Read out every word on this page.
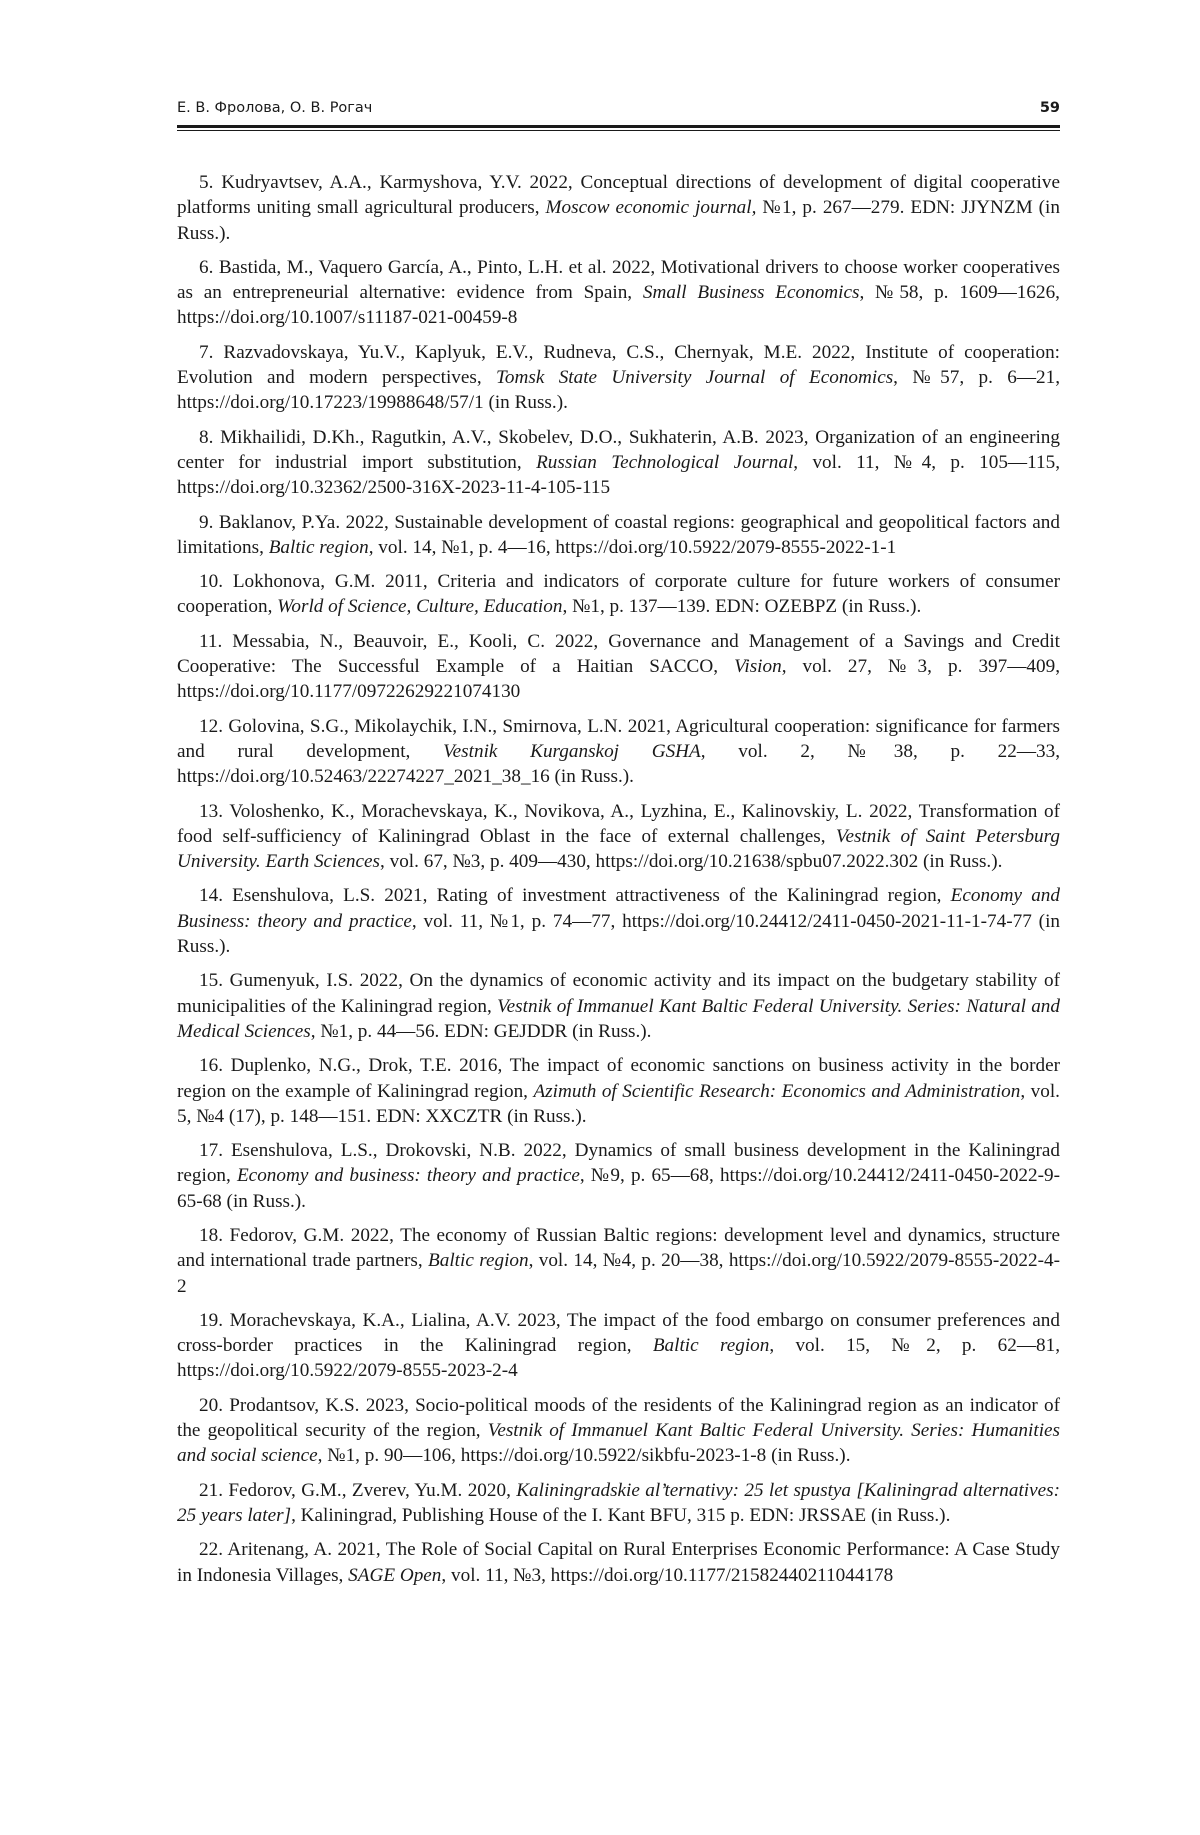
Е. В. Фролова, О. В. Рогач	59

5. Kudryavtsev, A.A., Karmyshova, Y.V. 2022, Conceptual directions of development of digital cooperative platforms uniting small agricultural producers, Moscow economic journal, №1, p. 267—279. EDN: JJYNZM (in Russ.).

6. Bastida, M., Vaquero García, A., Pinto, L.H. et al. 2022, Motivational drivers to choose worker cooperatives as an entrepreneurial alternative: evidence from Spain, Small Business Economics, №58, p. 1609—1626, https://doi.org/10.1007/s11187-021-00459-8

7. Razvadovskaya, Yu.V., Kaplyuk, E.V., Rudneva, C.S., Chernyak, M.E. 2022, Institute of cooperation: Evolution and modern perspectives, Tomsk State University Journal of Economics, №57, p. 6—21, https://doi.org/10.17223/19988648/57/1 (in Russ.).

8. Mikhailidi, D.Kh., Ragutkin, A.V., Skobelev, D.O., Sukhaterin, A.B. 2023, Organization of an engineering center for industrial import substitution, Russian Technological Journal, vol. 11, №4, p. 105—115, https://doi.org/10.32362/2500-316X-2023-11-4-105-115

9. Baklanov, P.Ya. 2022, Sustainable development of coastal regions: geographical and geopolitical factors and limitations, Baltic region, vol. 14, №1, p. 4—16, https://doi.org/10.5922/2079-8555-2022-1-1

10. Lokhonova, G.M. 2011, Criteria and indicators of corporate culture for future workers of consumer cooperation, World of Science, Culture, Education, №1, p. 137—139. EDN: OZEBPZ (in Russ.).

11. Messabia, N., Beauvoir, E., Kooli, C. 2022, Governance and Management of a Savings and Credit Cooperative: The Successful Example of a Haitian SACCO, Vision, vol. 27, №3, p. 397—409, https://doi.org/10.1177/09722629221074130

12. Golovina, S.G., Mikolaychik, I.N., Smirnova, L.N. 2021, Agricultural cooperation: significance for farmers and rural development, Vestnik Kurganskoj GSHA, vol. 2, №38, p. 22—33, https://doi.org/10.52463/22274227_2021_38_16 (in Russ.).

13. Voloshenko, K., Morachevskaya, K., Novikova, A., Lyzhina, E., Kalinovskiy, L. 2022, Transformation of food self-sufficiency of Kaliningrad Oblast in the face of external challenges, Vestnik of Saint Petersburg University. Earth Sciences, vol. 67, №3, p. 409—430, https://doi.org/10.21638/spbu07.2022.302 (in Russ.).

14. Esenshulova, L.S. 2021, Rating of investment attractiveness of the Kaliningrad region, Economy and Business: theory and practice, vol. 11, №1, p. 74—77, https://doi.org/10.24412/2411-0450-2021-11-1-74-77 (in Russ.).

15. Gumenyuk, I.S. 2022, On the dynamics of economic activity and its impact on the budgetary stability of municipalities of the Kaliningrad region, Vestnik of Immanuel Kant Baltic Federal University. Series: Natural and Medical Sciences, №1, p. 44—56. EDN: GEJDDR (in Russ.).

16. Duplenko, N.G., Drok, T.E. 2016, The impact of economic sanctions on business activity in the border region on the example of Kaliningrad region, Azimuth of Scientific Research: Economics and Administration, vol. 5, №4 (17), p. 148—151. EDN: XXCZTR (in Russ.).

17. Esenshulova, L.S., Drokovski, N.B. 2022, Dynamics of small business development in the Kaliningrad region, Economy and business: theory and practice, №9, p. 65—68, https://doi.org/10.24412/2411-0450-2022-9-65-68 (in Russ.).

18. Fedorov, G.M. 2022, The economy of Russian Baltic regions: development level and dynamics, structure and international trade partners, Baltic region, vol. 14, №4, p. 20—38, https://doi.org/10.5922/2079-8555-2022-4-2

19. Morachevskaya, K.A., Lialina, A.V. 2023, The impact of the food embargo on consumer preferences and cross-border practices in the Kaliningrad region, Baltic region, vol. 15, №2, p. 62—81, https://doi.org/10.5922/2079-8555-2023-2-4

20. Prodantsov, K.S. 2023, Socio-political moods of the residents of the Kaliningrad region as an indicator of the geopolitical security of the region, Vestnik of Immanuel Kant Baltic Federal University. Series: Humanities and social science, №1, p. 90—106, https://doi.org/10.5922/sikbfu-2023-1-8 (in Russ.).

21. Fedorov, G.M., Zverev, Yu.M. 2020, Kaliningradskie al’ternativy: 25 let spustya [Kaliningrad alternatives: 25 years later], Kaliningrad, Publishing House of the I. Kant BFU, 315 p. EDN: JRSSAE (in Russ.).

22. Aritenang, A. 2021, The Role of Social Capital on Rural Enterprises Economic Performance: A Case Study in Indonesia Villages, SAGE Open, vol. 11, №3, https://doi.org/10.1177/21582440211044178
